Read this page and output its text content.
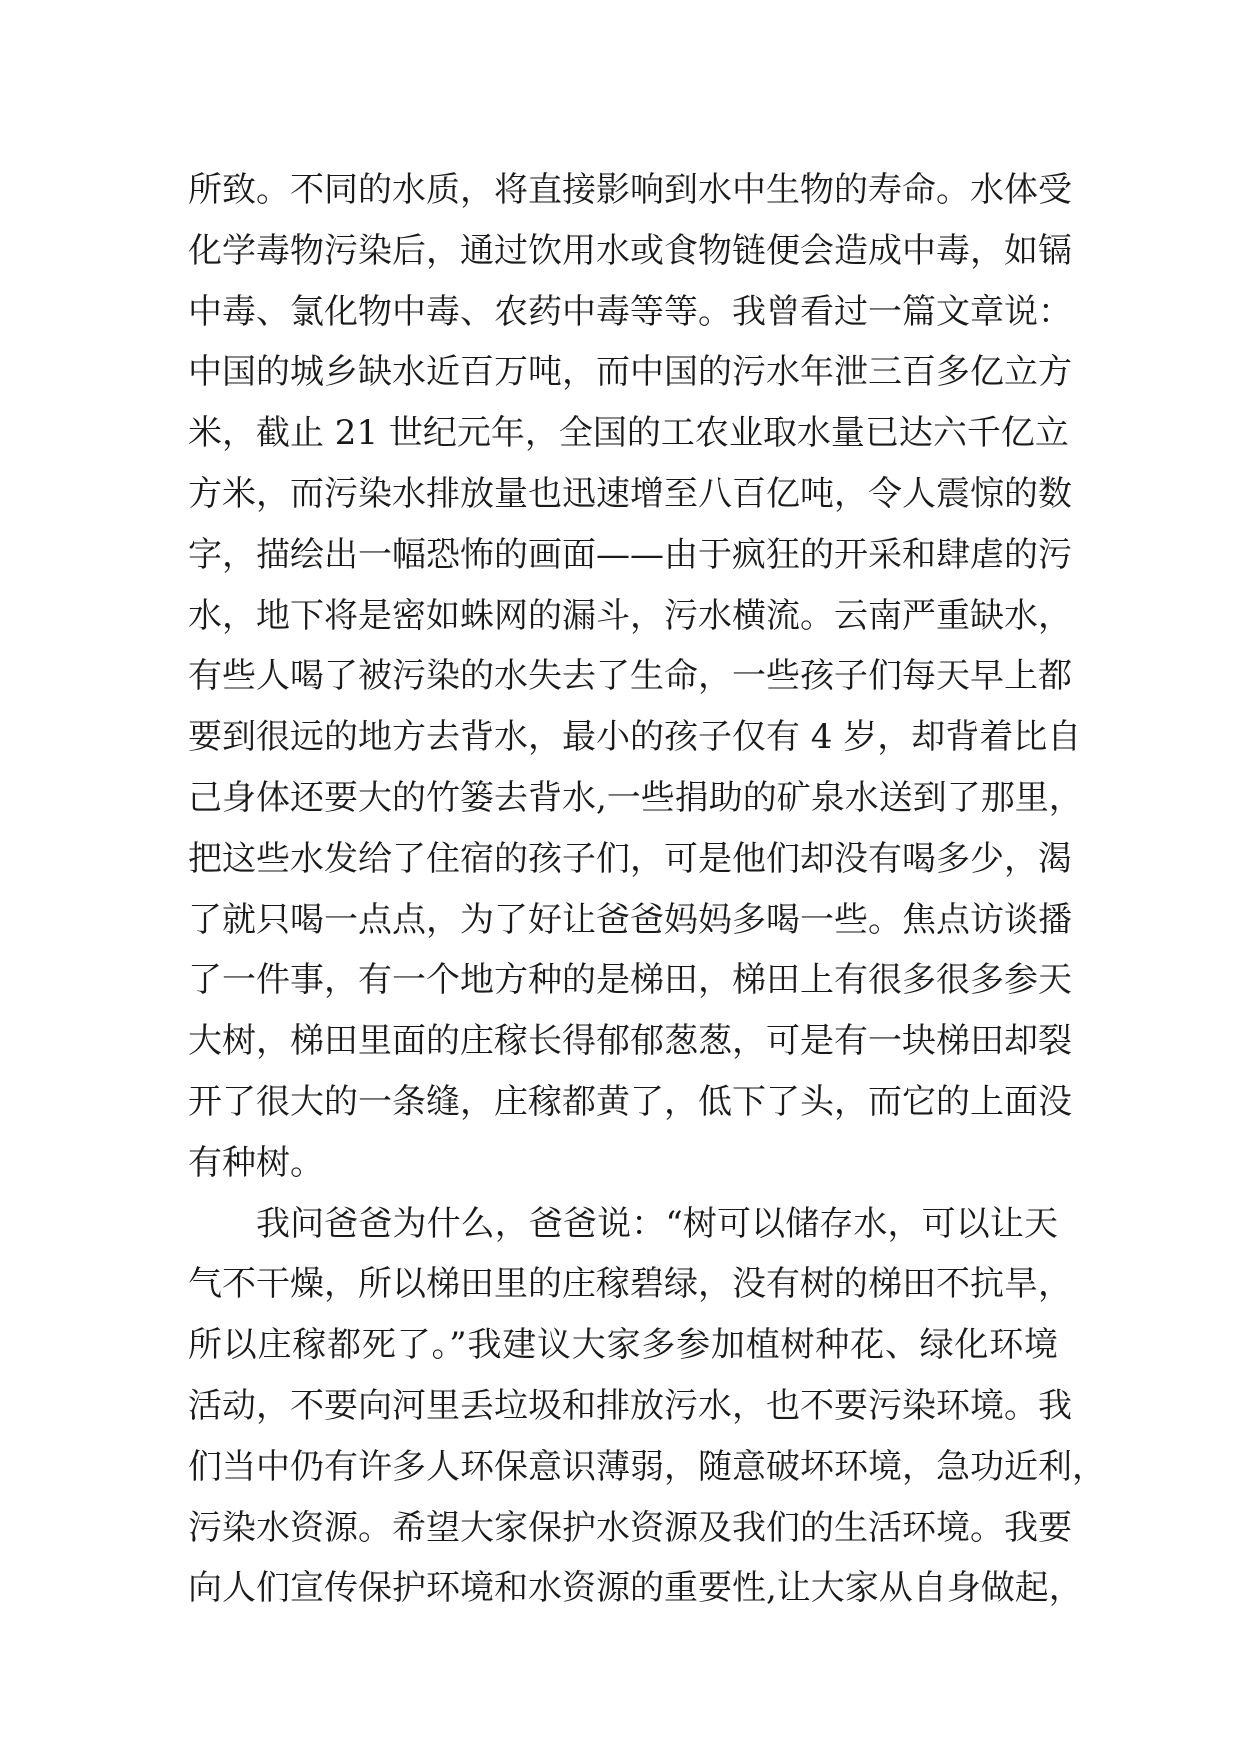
所致。不同的水质，将直接影响到水中生物的寿命。水体受
化学毒物污染后，通过饮用水或食物链便会造成中毒，如镉
中毒、氯化物中毒、农药中毒等等。我曾看过一篇文章说：
中国的城乡缺水近百万吨，而中国的污水年泄三百多亿立方
米，截止 21 世纪元年，全国的工农业取水量已达六千亿立
方米，而污染水排放量也迅速增至八百亿吨，令人震惊的数
字，描绘出一幅恐怖的画面——由于疯狂的开采和肆虐的污
水，地下将是密如蛛网的漏斗，污水横流。云南严重缺水，
有些人喝了被污染的水失去了生命，一些孩子们每天早上都
要到很远的地方去背水，最小的孩子仅有 4 岁，却背着比自
己身体还要大的竹篓去背水,一些捐助的矿泉水送到了那里，
把这些水发给了住宿的孩子们，可是他们却没有喝多少，渴
了就只喝一点点，为了好让爸爸妈妈多喝一些。焦点访谈播
了一件事，有一个地方种的是梯田，梯田上有很多很多参天
大树，梯田里面的庄稼长得郁郁葱葱，可是有一块梯田却裂
开了很大的一条缝，庄稼都黄了，低下了头，而它的上面没
有种树。
我问爸爸为什么，爸爸说：“树可以储存水，可以让天
气不干燥，所以梯田里的庄稼碧绿，没有树的梯田不抗旱，
所以庄稼都死了。”我建议大家多参加植树种花、绿化环境
活动，不要向河里丢垃圾和排放污水，也不要污染环境。我
们当中仍有许多人环保意识薄弱，随意破坏环境，急功近利，
污染水资源。希望大家保护水资源及我们的生活环境。我要
向人们宣传保护环境和水资源的重要性,让大家从自身做起，
